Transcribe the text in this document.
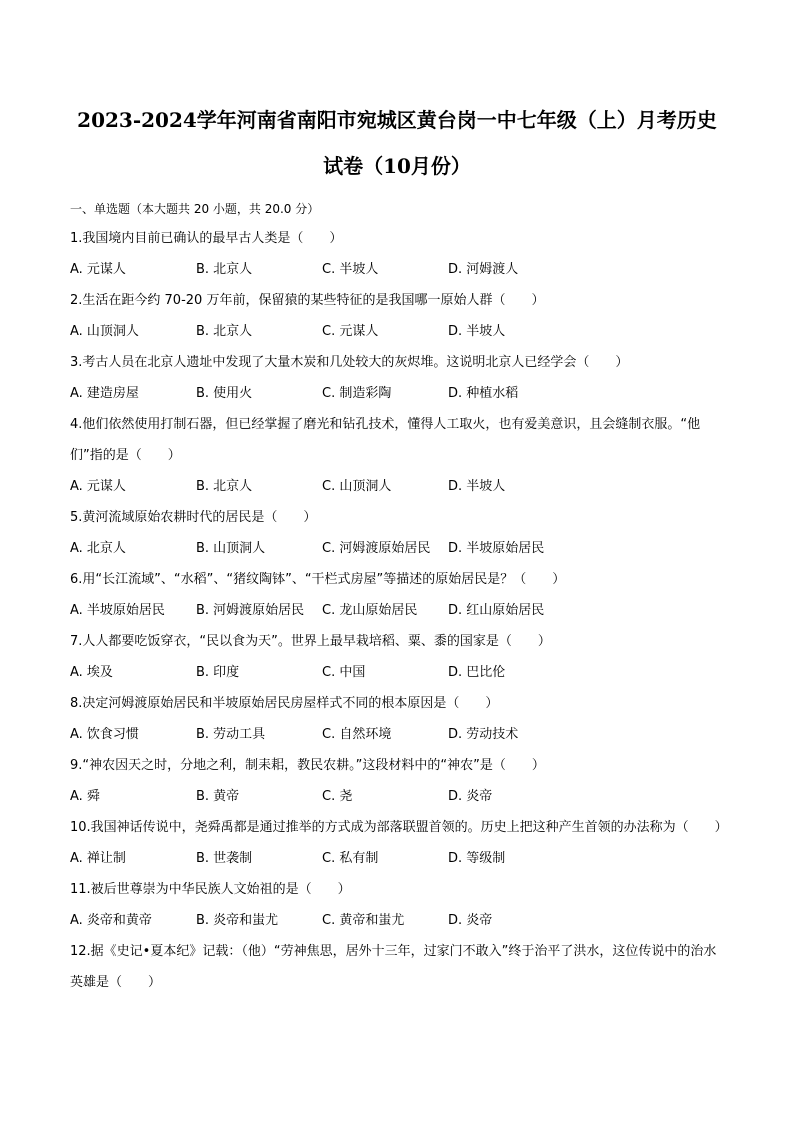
2023-2024学年河南省南阳市宛城区黄台岗一中七年级（上）月考历史

试卷（10月份）

一、单选题（本大题共 20 小题，共 20.0 分）
1.我国境内目前已确认的最早古人类是（　　）
A. 元谋人	B. 北京人	C. 半坡人	D. 河姆渡人
2.生活在距今约 70-20 万年前，保留猿的某些特征的是我国哪一原始人群（　　）
A. 山顶洞人	B. 北京人	C. 元谋人	D. 半坡人
3.考古人员在北京人遗址中发现了大量木炭和几处较大的灰烬堆。这说明北京人已经学会（　　）
A. 建造房屋	B. 使用火	C. 制造彩陶	D. 种植水稻
4.他们依然使用打制石器，但已经掌握了磨光和钻孔技术，懂得人工取火，也有爱美意识，且会缝制衣服。“他们”指的是（　　）
A. 元谋人	B. 北京人	C. 山顶洞人	D. 半坡人
5.黄河流域原始农耕时代的居民是（　　）
A. 北京人	B. 山顶洞人	C. 河姆渡原始居民	D. 半坡原始居民
6.用“长江流域”、“水稻”、“猪纹陶钵”、“干栏式房屋”等描述的原始居民是？（　　）
A. 半坡原始居民	B. 河姆渡原始居民	C. 龙山原始居民	D. 红山原始居民
7.人人都要吃饭穿衣，“民以食为天”。世界上最早栽培稻、粟、黍的国家是（　　）
A. 埃及	B. 印度	C. 中国	D. 巴比伦
8.决定河姆渡原始居民和半坡原始居民房屋样式不同的根本原因是（　　）
A. 饮食习惯	B. 劳动工具	C. 自然环境	D. 劳动技术
9.“神农因天之时，分地之利，制耒耜，教民农耕。”这段材料中的“神农”是（　　）
A. 舜	B. 黄帝	C. 尧	D. 炎帝
10.我国神话传说中，尧舜禹都是通过推举的方式成为部落联盟首领的。历史上把这种产生首领的办法称为（　　）
A. 禅让制	B. 世袭制	C. 私有制	D. 等级制
11.被后世尊崇为中华民族人文始祖的是（　　）
A. 炎帝和黄帝	B. 炎帝和蚩尤	C. 黄帝和蚩尤	D. 炎帝
12.据《史记•夏本纪》记载：（他）“劳神焦思，居外十三年，过家门不敢入”终于治平了洪水，这位传说中的治水英雄是（　　）
